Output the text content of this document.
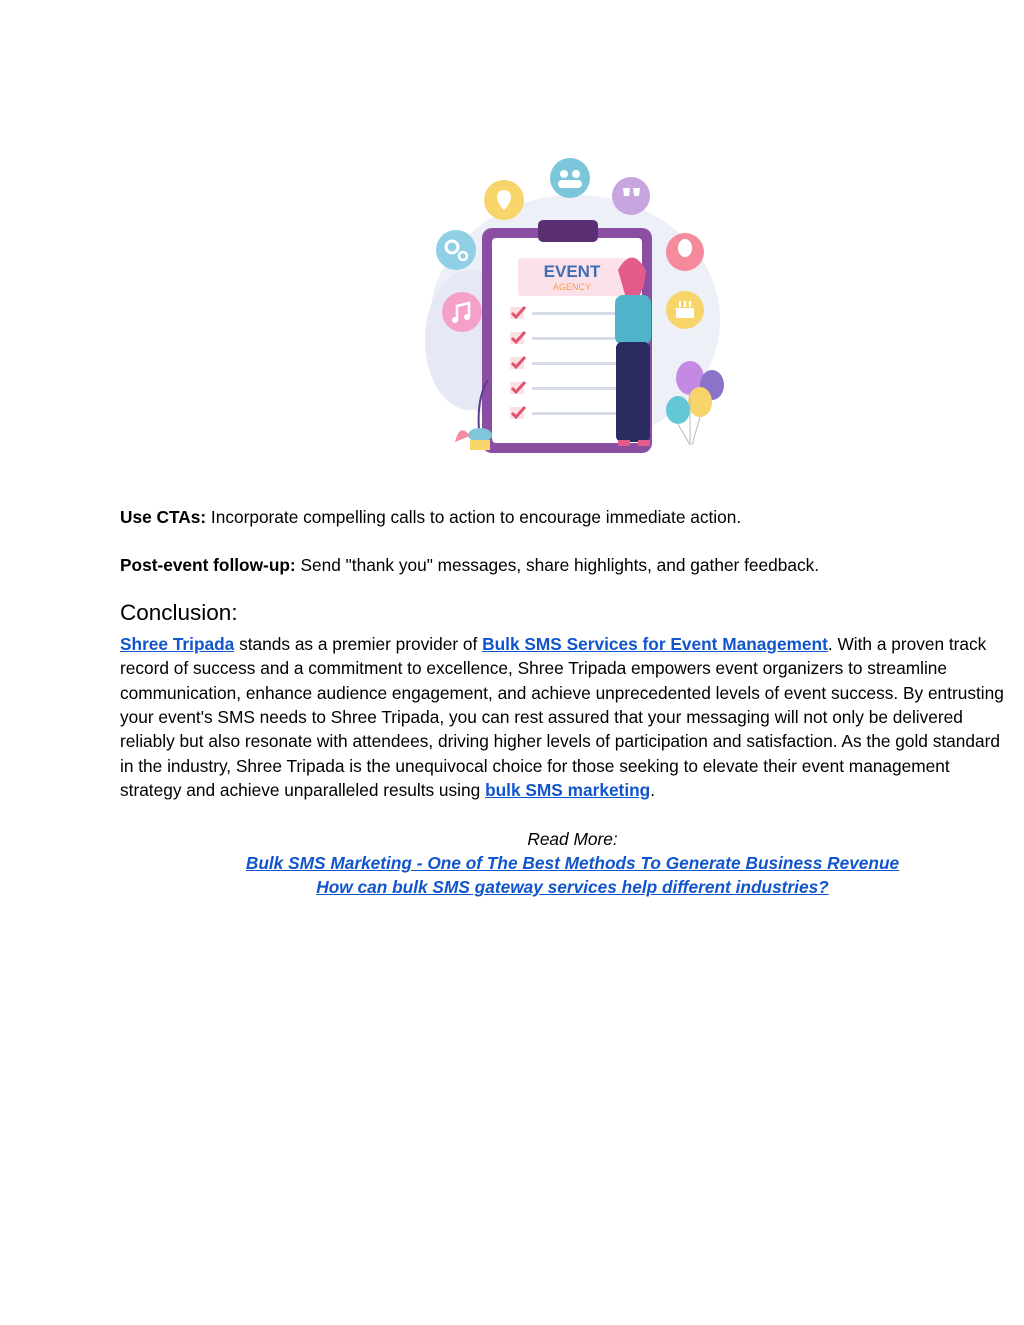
EVENT
AGENCY

Use CTAs: Incorporate compelling calls to action to encourage immediate action.

Post-event follow-up: Send "thank you" messages, share highlights, and gather feedback.

Conclusion:

Shree Tripada stands as a premier provider of Bulk SMS Services for Event Management. With a proven track record of success and a commitment to excellence, Shree Tripada empowers event organizers to streamline communication, enhance audience engagement, and achieve unprecedented levels of event success. By entrusting your event's SMS needs to Shree Tripada, you can rest assured that your messaging will not only be delivered reliably but also resonate with attendees, driving higher levels of participation and satisfaction. As the gold standard in the industry, Shree Tripada is the unequivocal choice for those seeking to elevate their event management strategy and achieve unparalleled results using bulk SMS marketing.

Read More:
Bulk SMS Marketing - One of The Best Methods To Generate Business Revenue
How can bulk SMS gateway services help different industries?
